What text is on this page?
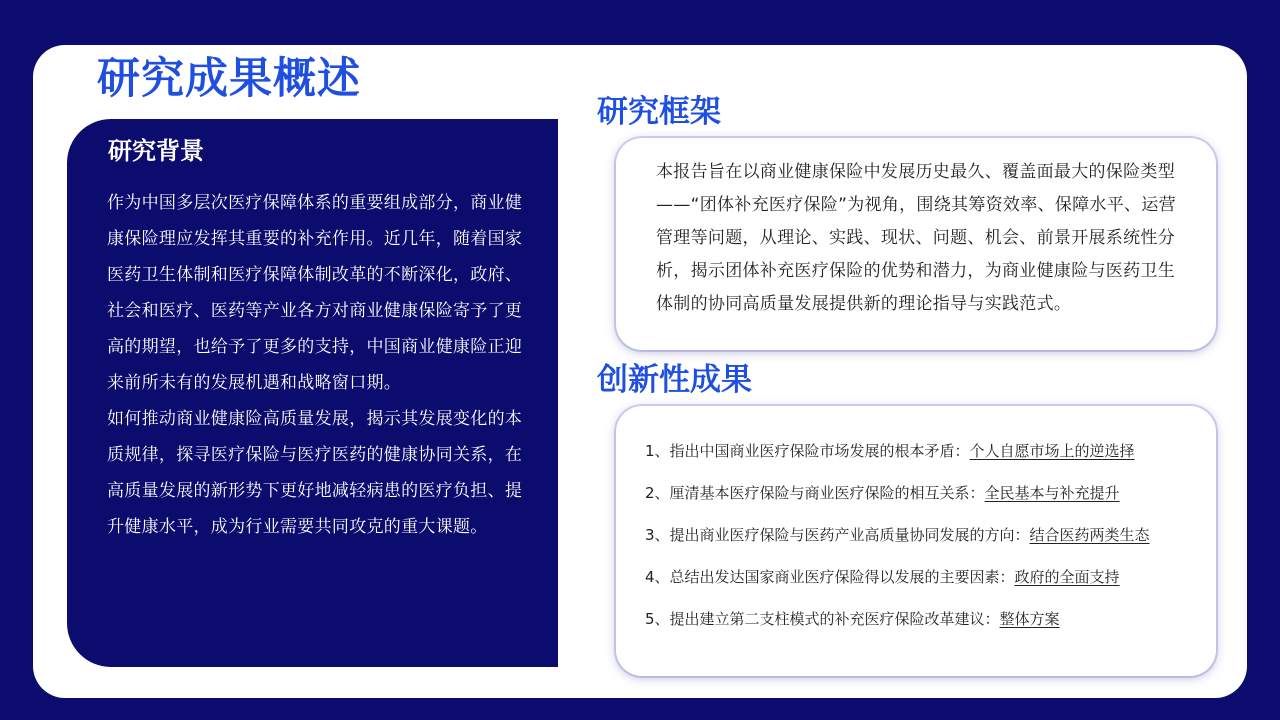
研究成果概述
研究背景

作为中国多层次医疗保障体系的重要组成部分，商业健康保险理应发挥其重要的补充作用。近几年，随着国家医药卫生体制和医疗保障体制改革的不断深化，政府、社会和医疗、医药等产业各方对商业健康保险寄予了更高的期望，也给予了更多的支持，中国商业健康险正迎来前所未有的发展机遇和战略窗口期。

如何推动商业健康险高质量发展，揭示其发展变化的本质规律，探寻医疗保险与医疗医药的健康协同关系，在高质量发展的新形势下更好地减轻病患的医疗负担、提升健康水平，成为行业需要共同攻克的重大课题。

研究框架

本报告旨在以商业健康保险中发展历史最久、覆盖面最大的保险类型——“团体补充医疗保险”为视角，围绕其筹资效率、保障水平、运营管理等问题，从理论、实践、现状、问题、机会、前景开展系统性分析，揭示团体补充医疗保险的优势和潜力，为商业健康险与医药卫生体制的协同高质量发展提供新的理论指导与实践范式。

创新性成果
1、指出中国商业医疗保险市场发展的根本矛盾：个人自愿市场上的逆选择
2、厘清基本医疗保险与商业医疗保险的相互关系：全民基本与补充提升
3、提出商业医疗保险与医药产业高质量协同发展的方向：结合医药两类生态
4、总结出发达国家商业医疗保险得以发展的主要因素：政府的全面支持
5、提出建立第二支柱模式的补充医疗保险改革建议：整体方案
